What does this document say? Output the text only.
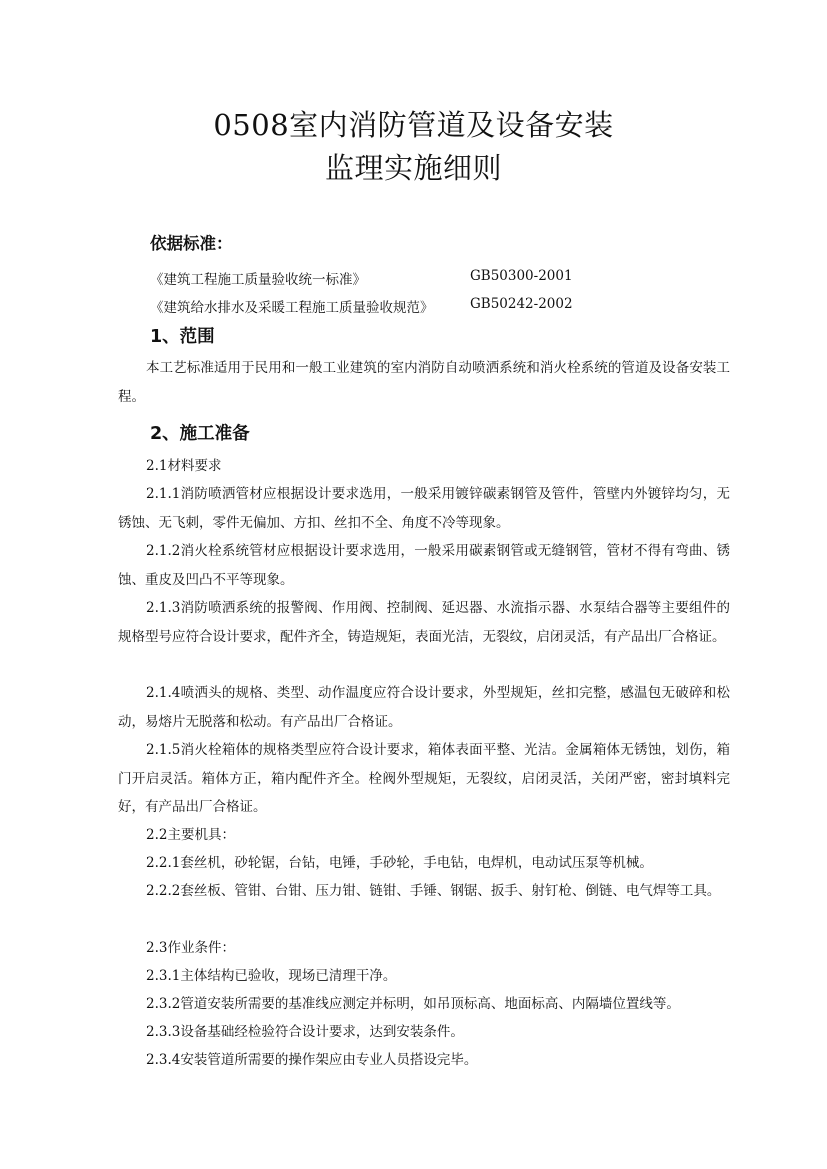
0508室内消防管道及设备安装
监理实施细则
依据标准：
《建筑工程施工质量验收统一标准》	GB50300-2001
《建筑给水排水及采暖工程施工质量验收规范》	GB50242-2002
1、范围
本工艺标准适用于民用和一般工业建筑的室内消防自动喷洒系统和消火栓系统的管道及设备安装工程。
2、施工准备
2.1材料要求
2.1.1消防喷洒管材应根据设计要求选用，一般采用镀锌碳素钢管及管件，管壁内外镀锌均匀，无锈蚀、无飞刺，零件无偏加、方扣、丝扣不全、角度不冷等现象。
2.1.2消火栓系统管材应根据设计要求选用，一般采用碳素钢管或无缝钢管，管材不得有弯曲、锈蚀、重皮及凹凸不平等现象。
2.1.3消防喷洒系统的报警阀、作用阀、控制阀、延迟器、水流指示器、水泵结合器等主要组件的规格型号应符合设计要求，配件齐全，铸造规矩，表面光洁，无裂纹，启闭灵活，有产品出厂合格证。
2.1.4喷洒头的规格、类型、动作温度应符合设计要求，外型规矩，丝扣完整，感温包无破碎和松动，易熔片无脱落和松动。有产品出厂合格证。
2.1.5消火栓箱体的规格类型应符合设计要求，箱体表面平整、光洁。金属箱体无锈蚀，划伤，箱门开启灵活。箱体方正，箱内配件齐全。栓阀外型规矩，无裂纹，启闭灵活，关闭严密，密封填料完好，有产品出厂合格证。
2.2主要机具：
2.2.1套丝机，砂轮锯，台钻，电锤，手砂轮，手电钻，电焊机，电动试压泵等机械。
2.2.2套丝板、管钳、台钳、压力钳、链钳、手锤、钢锯、扳手、射钉枪、倒链、电气焊等工具。
2.3作业条件：
2.3.1主体结构已验收，现场已清理干净。
2.3.2管道安装所需要的基准线应测定并标明，如吊顶标高、地面标高、内隔墙位置线等。
2.3.3设备基础经检验符合设计要求，达到安装条件。
2.3.4安装管道所需要的操作架应由专业人员搭设完毕。
